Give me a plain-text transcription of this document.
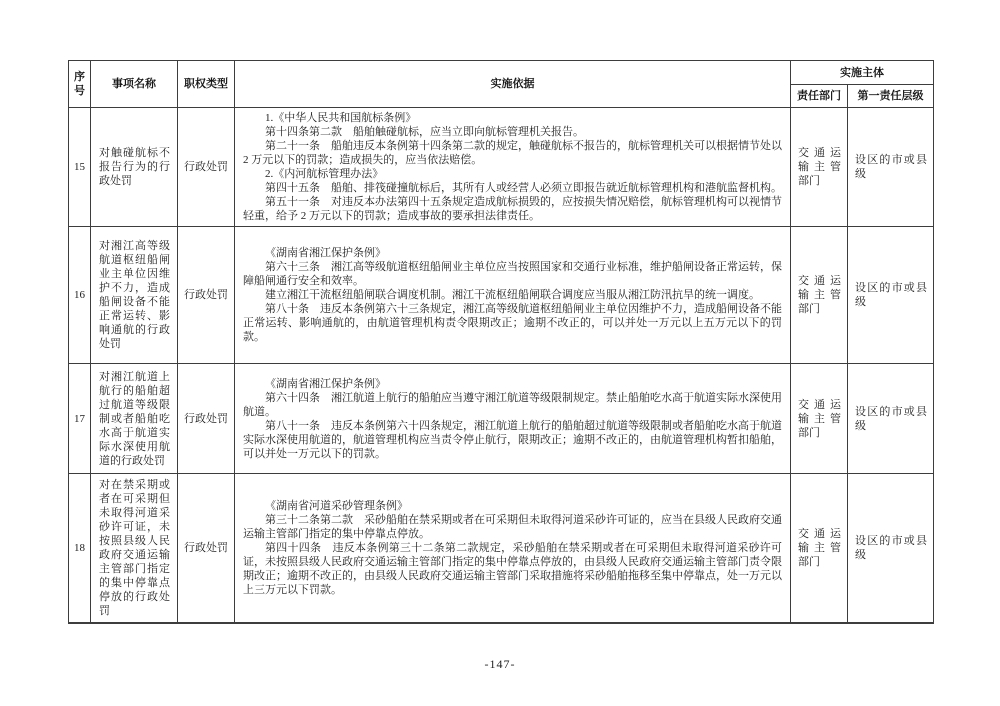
序号	事项名称	职权类型	实施依据	实施主体	
				责任部门	第一责任层级
15	对触碰航标不报告行为的行政处罚	行政处罚	

1.《中华人民共和国航标条例》

第十四条第二款　船舶触碰航标，应当立即向航标管理机关报告。

第二十一条　船舶违反本条例第十四条第二款的规定，触碰航标不报告的，航标管理机关可以根据情节处以 2 万元以下的罚款；造成损失的，应当依法赔偿。

2.《内河航标管理办法》

第四十五条　船舶、排筏碰撞航标后，其所有人或经营人必须立即报告就近航标管理机构和港航监督机构。

第五十一条　对违反本办法第四十五条规定造成航标损毁的，应按损失情况赔偿，航标管理机构可以视情节轻重，给予 2 万元以下的罚款；造成事故的要承担法律责任。

	交通运输主管部门	设区的市或县级
16	对湘江高等级航道枢纽船闸业主单位因维护不力，造成船闸设备不能正常运转、影响通航的行政处罚	行政处罚	《湖南省湘江保护条例》

第六十三条　湘江高等级航道枢纽船闸业主单位应当按照国家和交通行业标准，维护船闸设备正常运转，保障船闸通行安全和效率。

建立湘江干流枢纽船闸联合调度机制。湘江干流枢纽船闸联合调度应当服从湘江防汛抗旱的统一调度。

第八十条　违反本条例第六十三条规定，湘江高等级航道枢纽船闸业主单位因维护不力，造成船闸设备不能正常运转、影响通航的，由航道管理机构责令限期改正；逾期不改正的，可以并处一万元以上五万元以下的罚款。	交通运输主管部门	设区的市或县级
17	对湘江航道上航行的船舶超过航道等级限制或者船舶吃水高于航道实际水深使用航道的行政处罚	行政处罚	《湖南省湘江保护条例》

第六十四条　湘江航道上航行的船舶应当遵守湘江航道等级限制规定。禁止船舶吃水高于航道实际水深使用航道。

第八十一条　违反本条例第六十四条规定，湘江航道上航行的船舶超过航道等级限制或者船舶吃水高于航道实际水深使用航道的，航道管理机构应当责令停止航行，限期改正；逾期不改正的，由航道管理机构暂扣船舶，可以并处一万元以下的罚款。	交通运输主管部门	设区的市或县级
18	对在禁采期或者在可采期但未取得河道采砂许可证，未按照县级人民政府交通运输主管部门指定的集中停靠点停放的行政处罚	行政处罚	《湖南省河道采砂管理条例》

第三十二条第二款　采砂船舶在禁采期或者在可采期但未取得河道采砂许可证的，应当在县级人民政府交通运输主管部门指定的集中停靠点停放。

第四十四条　违反本条例第三十二条第二款规定，采砂船舶在禁采期或者在可采期但未取得河道采砂许可证，未按照县级人民政府交通运输主管部门指定的集中停靠点停放的，由县级人民政府交通运输主管部门责令限期改正；逾期不改正的，由县级人民政府交通运输主管部门采取措施将采砂船舶拖移至集中停靠点，处一万元以上三万元以下罚款。	交通运输主管部门	设区的市或县级
-147-
